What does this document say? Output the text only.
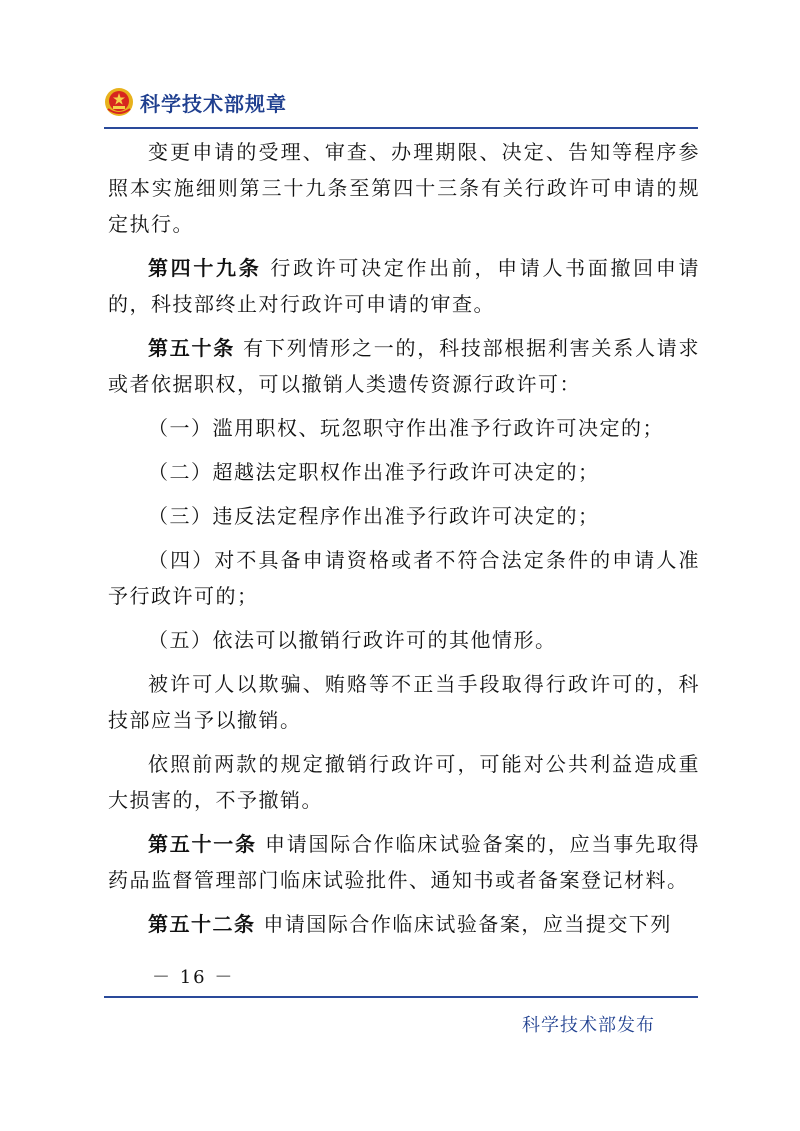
科学技术部规章

变更申请的受理、审查、办理期限、决定、告知等程序参照本实施细则第三十九条至第四十三条有关行政许可申请的规定执行。

第四十九条 行政许可决定作出前，申请人书面撤回申请的，科技部终止对行政许可申请的审查。

第五十条 有下列情形之一的，科技部根据利害关系人请求或者依据职权，可以撤销人类遗传资源行政许可：

（一）滥用职权、玩忽职守作出准予行政许可决定的；

（二）超越法定职权作出准予行政许可决定的；

（三）违反法定程序作出准予行政许可决定的；

（四）对不具备申请资格或者不符合法定条件的申请人准予行政许可的；

（五）依法可以撤销行政许可的其他情形。

被许可人以欺骗、贿赂等不正当手段取得行政许可的，科技部应当予以撤销。

依照前两款的规定撤销行政许可，可能对公共利益造成重大损害的，不予撤销。

第五十一条 申请国际合作临床试验备案的，应当事先取得药品监督管理部门临床试验批件、通知书或者备案登记材料。

第五十二条 申请国际合作临床试验备案，应当提交下列

－ 16 －
科学技术部发布
